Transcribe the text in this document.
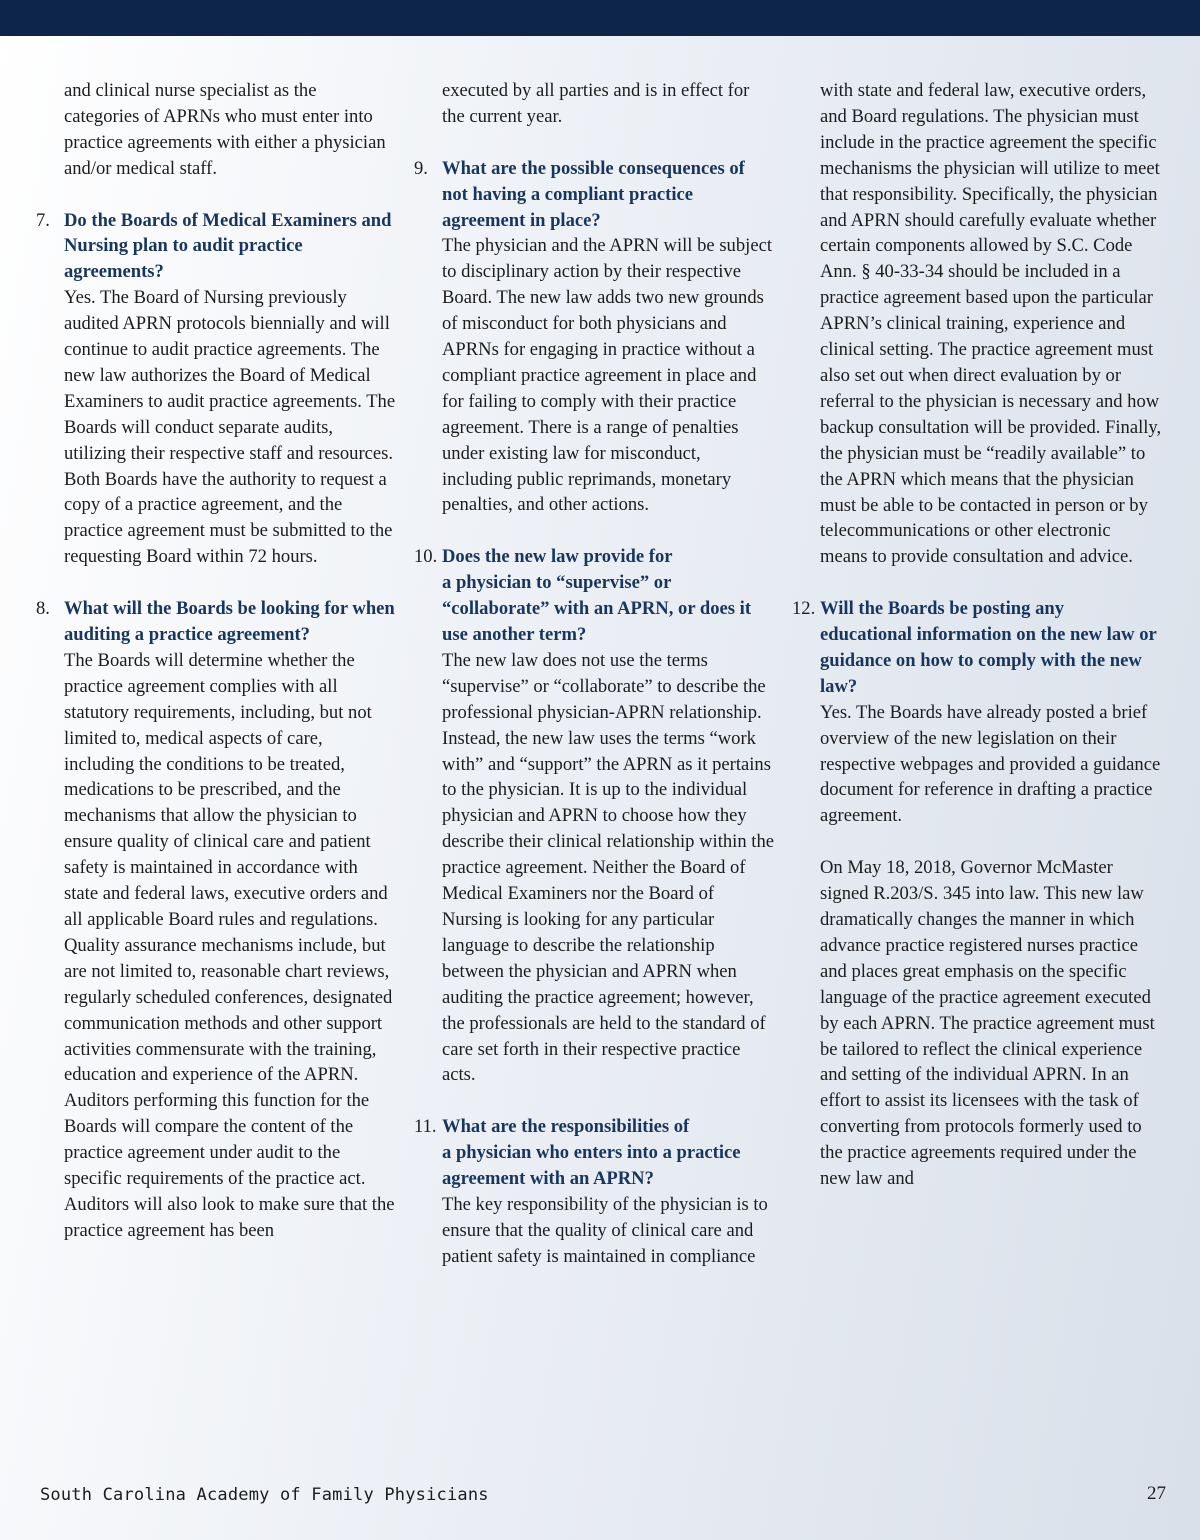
and clinical nurse specialist as the categories of APRNs who must enter into practice agreements with either a physician and/or medical staff.

7. Do the Boards of Medical Examiners and Nursing plan to audit practice agreements?

Yes. The Board of Nursing previously audited APRN protocols biennially and will continue to audit practice agreements. The new law authorizes the Board of Medical Examiners to audit practice agreements. The Boards will conduct separate audits, utilizing their respective staff and resources. Both Boards have the authority to request a copy of a practice agreement, and the practice agreement must be submitted to the requesting Board within 72 hours.

8. What will the Boards be looking for when auditing a practice agreement?

The Boards will determine whether the practice agreement complies with all statutory requirements, including, but not limited to, medical aspects of care, including the conditions to be treated, medications to be prescribed, and the mechanisms that allow the physician to ensure quality of clinical care and patient safety is maintained in accordance with state and federal laws, executive orders and all applicable Board rules and regulations. Quality assurance mechanisms include, but are not limited to, reasonable chart reviews, regularly scheduled conferences, designated communication methods and other support activities commensurate with the training, education and experience of the APRN. Auditors performing this function for the Boards will compare the content of the practice agreement under audit to the specific requirements of the practice act. Auditors will also look to make sure that the practice agreement has been

executed by all parties and is in effect for the current year.

9. What are the possible consequences of not having a compliant practice agreement in place?

The physician and the APRN will be subject to disciplinary action by their respective Board. The new law adds two new grounds of misconduct for both physicians and APRNs for engaging in practice without a compliant practice agreement in place and for failing to comply with their practice agreement. There is a range of penalties under existing law for misconduct, including public reprimands, monetary penalties, and other actions.

10. Does the new law provide for

a physician to “supervise” or “collaborate” with an APRN, or does it use another term?

The new law does not use the terms “supervise” or “collaborate” to describe the professional physician-APRN relationship. Instead, the new law uses the terms “work with” and “support” the APRN as it pertains to the physician. It is up to the individual physician and APRN to choose how they describe their clinical relationship within the practice agreement. Neither the Board of Medical Examiners nor the Board of Nursing is looking for any particular language to describe the relationship between the physician and APRN when auditing the practice agreement; however, the professionals are held to the standard of care set forth in their respective practice acts.

11. What are the responsibilities of

a physician who enters into a practice agreement with an APRN?

The key responsibility of the physician is to ensure that the quality of clinical care and patient safety is maintained in compliance

with state and federal law, executive orders, and Board regulations. The physician must include in the practice agreement the specific mechanisms the physician will utilize to meet that responsibility. Specifically, the physician and APRN should carefully evaluate whether certain components allowed by S.C. Code Ann. § 40-33-34 should be included in a practice agreement based upon the particular APRN’s clinical training, experience and clinical setting. The practice agreement must also set out when direct evaluation by or referral to the physician is necessary and how backup consultation will be provided. Finally, the physician must be “readily available” to the APRN which means that the physician must be able to be contacted in person or by telecommunications or other electronic means to provide consultation and advice.

12. Will the Boards be posting any

educational information on the new law or guidance on how to comply with the new law?

Yes. The Boards have already posted a brief overview of the new legislation on their respective webpages and provided a guidance document for reference in drafting a practice agreement.

On May 18, 2018, Governor McMaster signed R.203/S. 345 into law. This new law dramatically changes the manner in which advance practice registered nurses practice and places great emphasis on the specific language of the practice agreement executed by each APRN. The practice agreement must be tailored to reflect the clinical experience and setting of the individual APRN. In an effort to assist its licensees with the task of converting from protocols formerly used to the practice agreements required under the new law and

South Carolina Academy of Family Physicians	27
